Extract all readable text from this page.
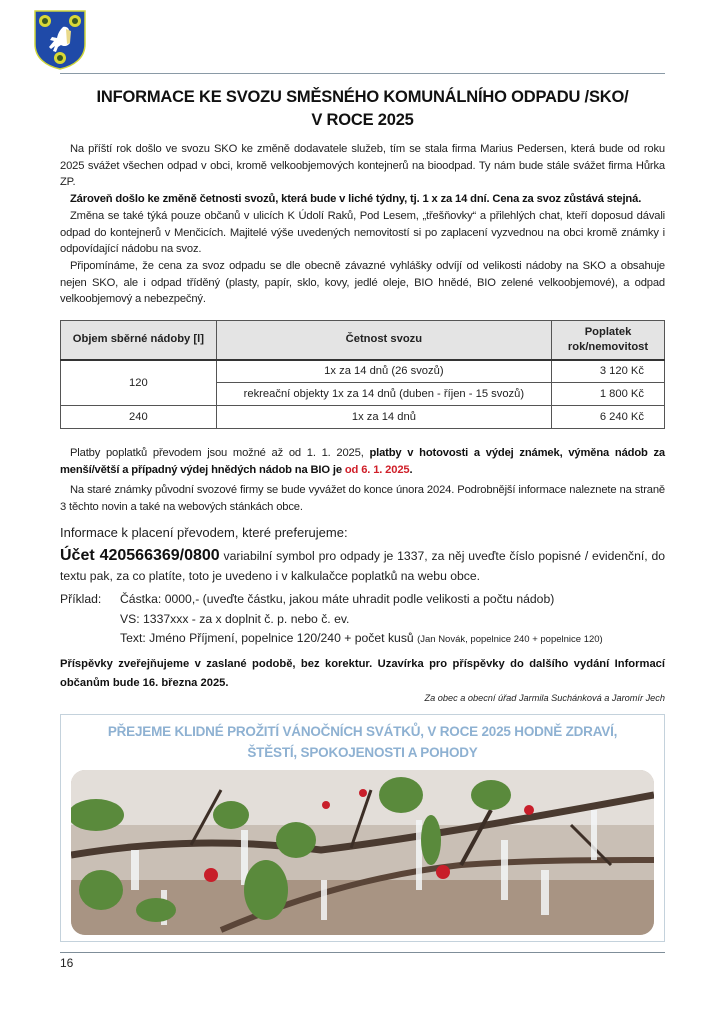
INFORMACE KE SVOZU SMĚSNÉHO KOMUNÁLNÍHO ODPADU /SKO/
V ROCE 2025

Na příští rok došlo ve svozu SKO ke změně dodavatele služeb, tím se stala firma Marius Pedersen, která bude od roku 2025 svážet všechen odpad v obci, kromě velkoobjemových kontejnerů na bioodpad. Ty nám bude stále svážet firma Hůrka ZP.

Zároveň došlo ke změně četnosti svozů, která bude v liché týdny, tj. 1 x za 14 dní. Cena za svoz zůstává stejná.

Změna se také týká pouze občanů v ulicích K Údolí Raků, Pod Lesem, „třešňovky“ a přilehlých chat, kteří doposud dávali odpad do kontejnerů v Menčicích. Majitelé výše uvedených nemovitostí si po zaplacení vyzvednou na obci kromě známky i odpovídající nádobu na svoz.

Připomínáme, že cena za svoz odpadu se dle obecně závazné vyhlášky odvíjí od velikosti nádoby na SKO a obsahuje nejen SKO, ale i odpad tříděný (plasty, papír, sklo, kovy, jedlé oleje, BIO hnědé, BIO zelené velkoobjemové), a odpad velkoobjemový a nebezpečný.

Objem sběrné nádoby [l]	Četnost svozu	Poplatek
rok/nemovitost
120	1x za 14 dnů (26 svozů)	3 120 Kč
	rekreační objekty 1x za 14 dnů (duben - říjen - 15 svozů)	1 800 Kč
240	1x za 14 dnů	6 240 Kč

Platby poplatků převodem jsou možné až od 1. 1. 2025, platby v hotovosti a výdej známek, výměna nádob za menší/větší a případný výdej hnědých nádob na BIO je od 6. 1. 2025.

Na staré známky původní svozové firmy se bude vyvážet do konce února 2024. Podrobnější informace naleznete na straně 3 těchto novin a také na webových stánkách obce.

Informace k placení převodem, které preferujeme:

Účet 420566369/0800 variabilní symbol pro odpady je 1337, za něj uveďte číslo popisné / evidenční, do textu pak, za co platíte, toto je uvedeno i v kalkulačce poplatků na webu obce.

Příklad:	Částka: 0000,- (uveďte částku, jakou máte uhradit podle velikosti a počtu nádob)
VS: 1337xxx - za x doplnit č. p. nebo č. ev.
Text: Jméno Příjmení, popelnice 120/240 + počet kusů (Jan Novák, popelnice 240 + popelnice 120)

Příspěvky zveřejňujeme v zaslané podobě, bez korektur. Uzavírka pro příspěvky do dalšího vydání Informací občanům bude 16. března 2025.

Za obec a obecní úřad Jarmila Suchánková a Jaromír Jech
PŘEJEME KLIDNÉ PROŽITÍ VÁNOČNÍCH SVÁTKŮ, V ROCE 2025 HODNĚ ZDRAVÍ,
ŠTĚSTÍ, SPOKOJENOSTI A POHODY
16
